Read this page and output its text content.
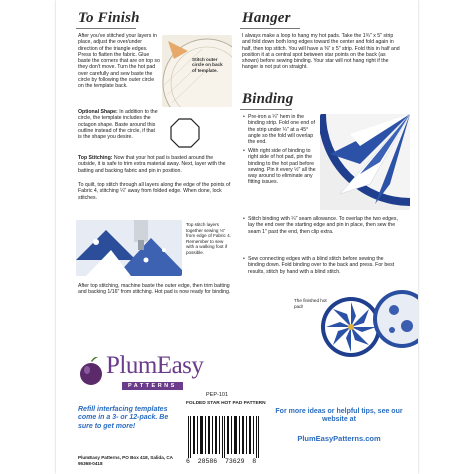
To Finish
After you've stitched your layers in place, adjust the over/under direction of the triangle edges. Press to flatten the fabric. Glue baste the corners that are on top so they don't move. Turn the hot pad over carefully and sew baste the circle by following the outer circle on the template back.
Stitch outer circle on back of template.
Optional Shape: In addition to the circle, the template includes the octagon shape. Baste around this outline instead of the circle, if that is the shape you desire.
Top Stitching: Now that your hot pad is basted around the outside, it is safe to trim extra material away. Next, layer with the batting and backing fabric and pin in position.
To quilt, top stitch through all layers along the edge of the points of Fabric 4, stitching ¼" away from folded edge. When done, lock stitches.
Top stitch layers together sewing ⅛" from edge of Fabric 4. Remember to sew with a walking foot if possible.
After top stitching, machine baste the outer edge, then trim batting and backing 1/16" from stitching. Hot pad is now ready for binding.
Hanger
I always make a loop to hang my hot pads. Take the 1¾" x 5" strip and fold down both long edges toward the center and fold again in half, then top stitch. You will have a ⅜" x 5" strip. Fold this in half and position it at a central spot between star points on the back (as shown) before sewing binding. Your star will not hang right if the hanger is not put on straight.
Binding
• Pre-iron a ¼" hem in the binding strip. Fold one end of the strip under ¼" at a 45° angle so the fold will overlap the end.
• With right side of binding to right side of hot pad, pin the binding to the hot pad before sewing. Pin it every ½" all the way around to eliminate any fitting issues.
• Stitch binding with ¼" seam allowance. To overlap the two edges, lay the end over the starting edge and pin in place, then sew the seam 1" past the end, then clip extra.
• Sew connecting edges with a blind stitch before sewing the binding down. Fold binding over to the back and press. For best results, stitch by hand with a blind stitch.
The finished hot pad!
PlumEasy
PATTERNS
PEP-101
FOLDED STAR HOT PAD PATTERN
Refill interfacing templates come in a 3- or 12-pack. Be sure to get more!
PlumEasy Patterns, PO Box 418, Salida, CA 95368-0418	6  28586  73629  8
For more ideas or helpful tips, see our website at
PlumEasyPatterns.com
